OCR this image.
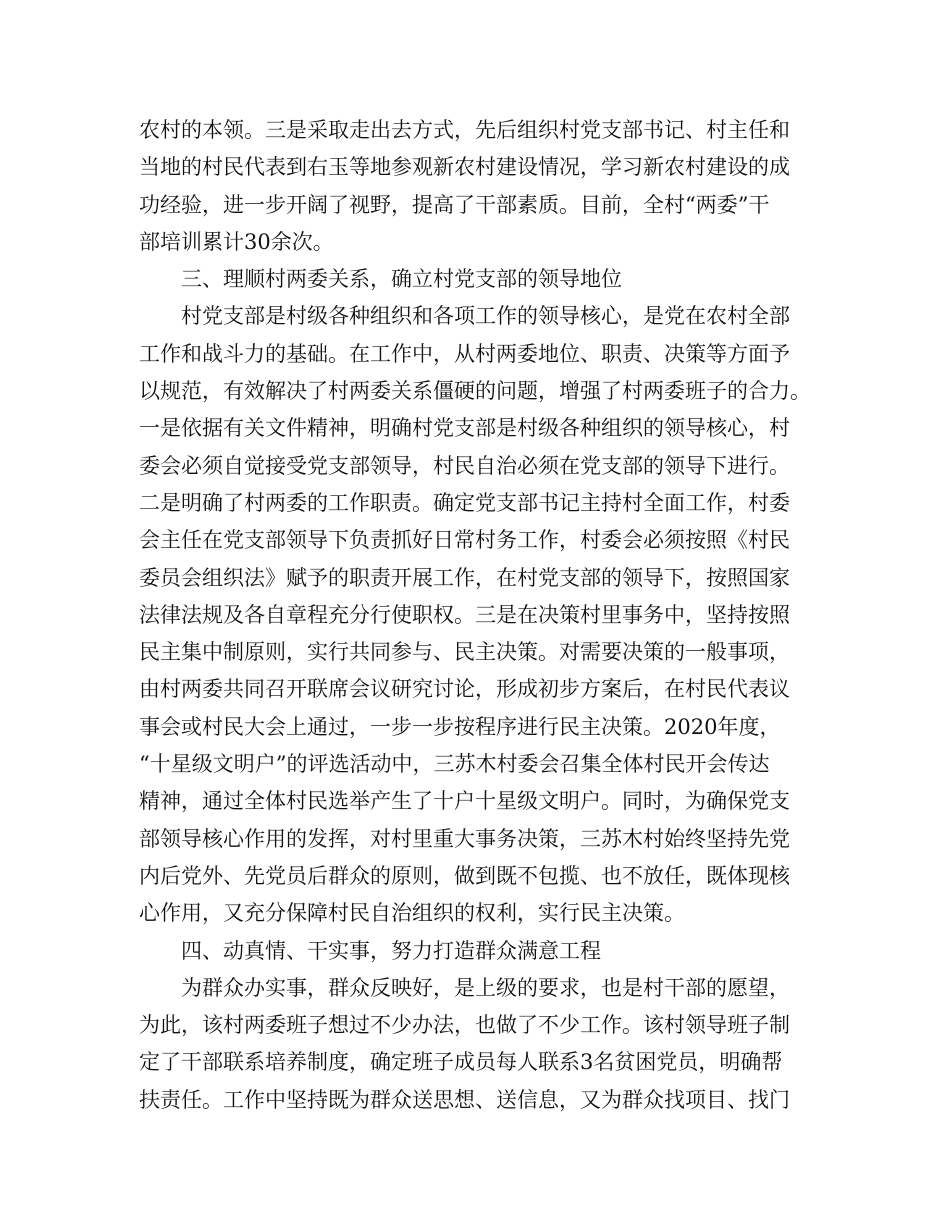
农村的本领。三是采取走出去方式，先后组织村党支部书记、村主任和
当地的村民代表到右玉等地参观新农村建设情况，学习新农村建设的成
功经验，进一步开阔了视野，提高了干部素质。目前，全村“两委”干
部培训累计30余次。
三、理顺村两委关系，确立村党支部的领导地位
村党支部是村级各种组织和各项工作的领导核心，是党在农村全部
工作和战斗力的基础。在工作中，从村两委地位、职责、决策等方面予
以规范，有效解决了村两委关系僵硬的问题，增强了村两委班子的合力。
一是依据有关文件精神，明确村党支部是村级各种组织的领导核心，村
委会必须自觉接受党支部领导，村民自治必须在党支部的领导下进行。
二是明确了村两委的工作职责。确定党支部书记主持村全面工作，村委
会主任在党支部领导下负责抓好日常村务工作，村委会必须按照《村民
委员会组织法》赋予的职责开展工作，在村党支部的领导下，按照国家
法律法规及各自章程充分行使职权。三是在决策村里事务中，坚持按照
民主集中制原则，实行共同参与、民主决策。对需要决策的一般事项，
由村两委共同召开联席会议研究讨论，形成初步方案后，在村民代表议
事会或村民大会上通过，一步一步按程序进行民主决策。2020年度，
“十星级文明户”的评选活动中，三苏木村委会召集全体村民开会传达
精神，通过全体村民选举产生了十户十星级文明户。同时，为确保党支
部领导核心作用的发挥，对村里重大事务决策，三苏木村始终坚持先党
内后党外、先党员后群众的原则，做到既不包揽、也不放任，既体现核
心作用，又充分保障村民自治组织的权利，实行民主决策。
四、动真情、干实事，努力打造群众满意工程
为群众办实事，群众反映好，是上级的要求，也是村干部的愿望，
为此，该村两委班子想过不少办法，也做了不少工作。该村领导班子制
定了干部联系培养制度，确定班子成员每人联系3名贫困党员，明确帮
扶责任。工作中坚持既为群众送思想、送信息，又为群众找项目、找门
